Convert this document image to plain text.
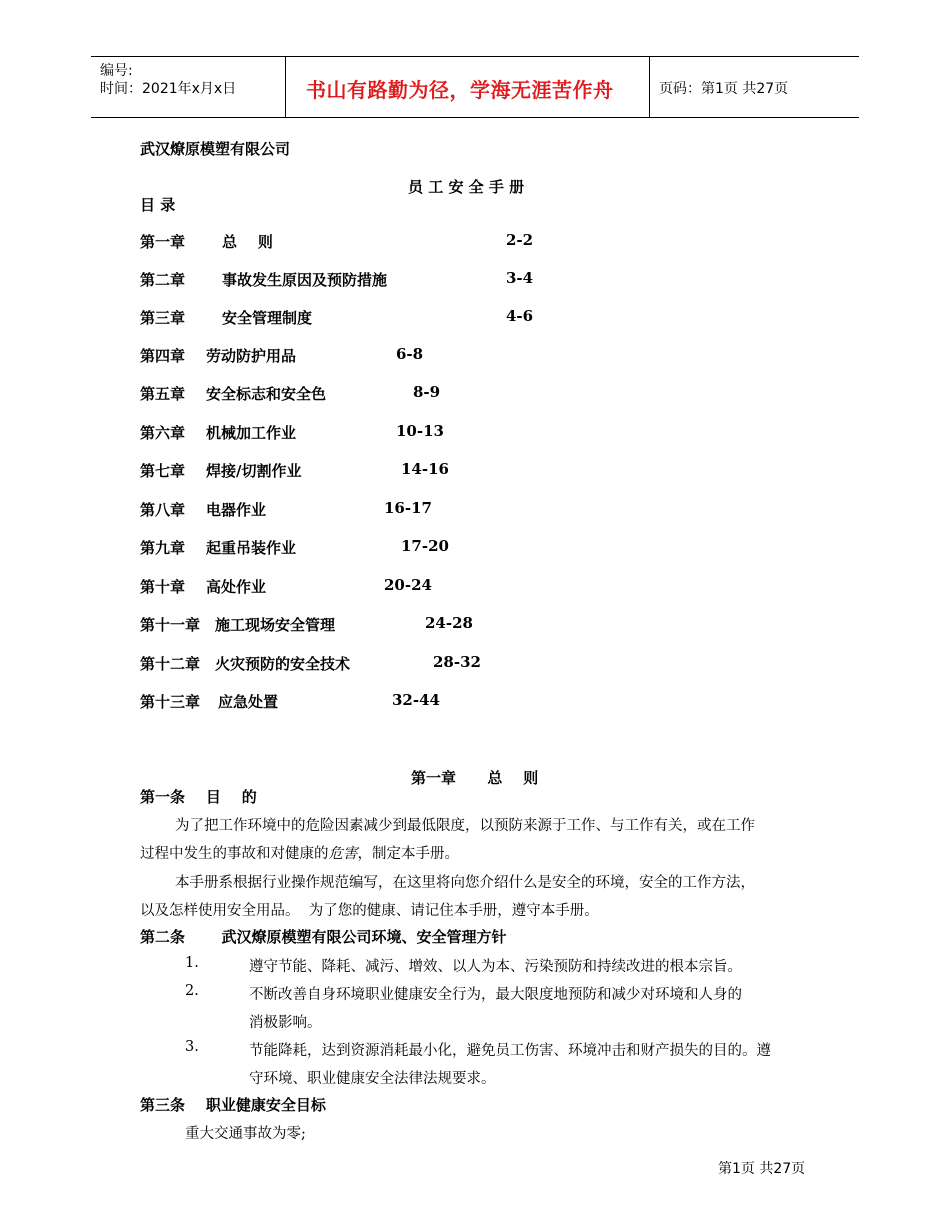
编号:
时间：2021年x月x日	书山有路勤为径，学海无涯苦作舟	页码：第1页 共27页
武汉燎原模塑有限公司
员 工 安 全 手 册
目 录
第一章 总    则	2-2
第二章 事故发生原因及预防措施	3-4
第三章 安全管理制度	4-6
第四章 劳动防护用品	6-8
第五章 安全标志和安全色	8-9
第六章 机械加工作业	10-13
第七章 焊接/切割作业	14-16
第八章 电器作业	16-17
第九章 起重吊装作业	17-20
第十章 高处作业	20-24
第十一章 施工现场安全管理	24-28
第十二章 火灾预防的安全技术	28-32
第十三章 应急处置	32-44
第一章      总    则
第一条    目    的
为了把工作环境中的危险因素减少到最低限度，以预防来源于工作、与工作有关，或在工作
过程中发生的事故和对健康的危害，制定本手册。
本手册系根据行业操作规范编写，在这里将向您介绍什么是安全的环境，安全的工作方法，
以及怎样使用安全用品。  为了您的健康、请记住本手册，遵守本手册。
第二条       武汉燎原模塑有限公司环境、安全管理方针
1.	遵守节能、降耗、减污、增效、以人为本、污染预防和持续改进的根本宗旨。
2.	不断改善自身环境职业健康安全行为，最大限度地预防和减少对环境和人身的
消极影响。
3.	节能降耗，达到资源消耗最小化，避免员工伤害、环境冲击和财产损失的目的。遵
守环境、职业健康安全法律法规要求。
第三条    职业健康安全目标
重大交通事故为零;
第1页 共27页
